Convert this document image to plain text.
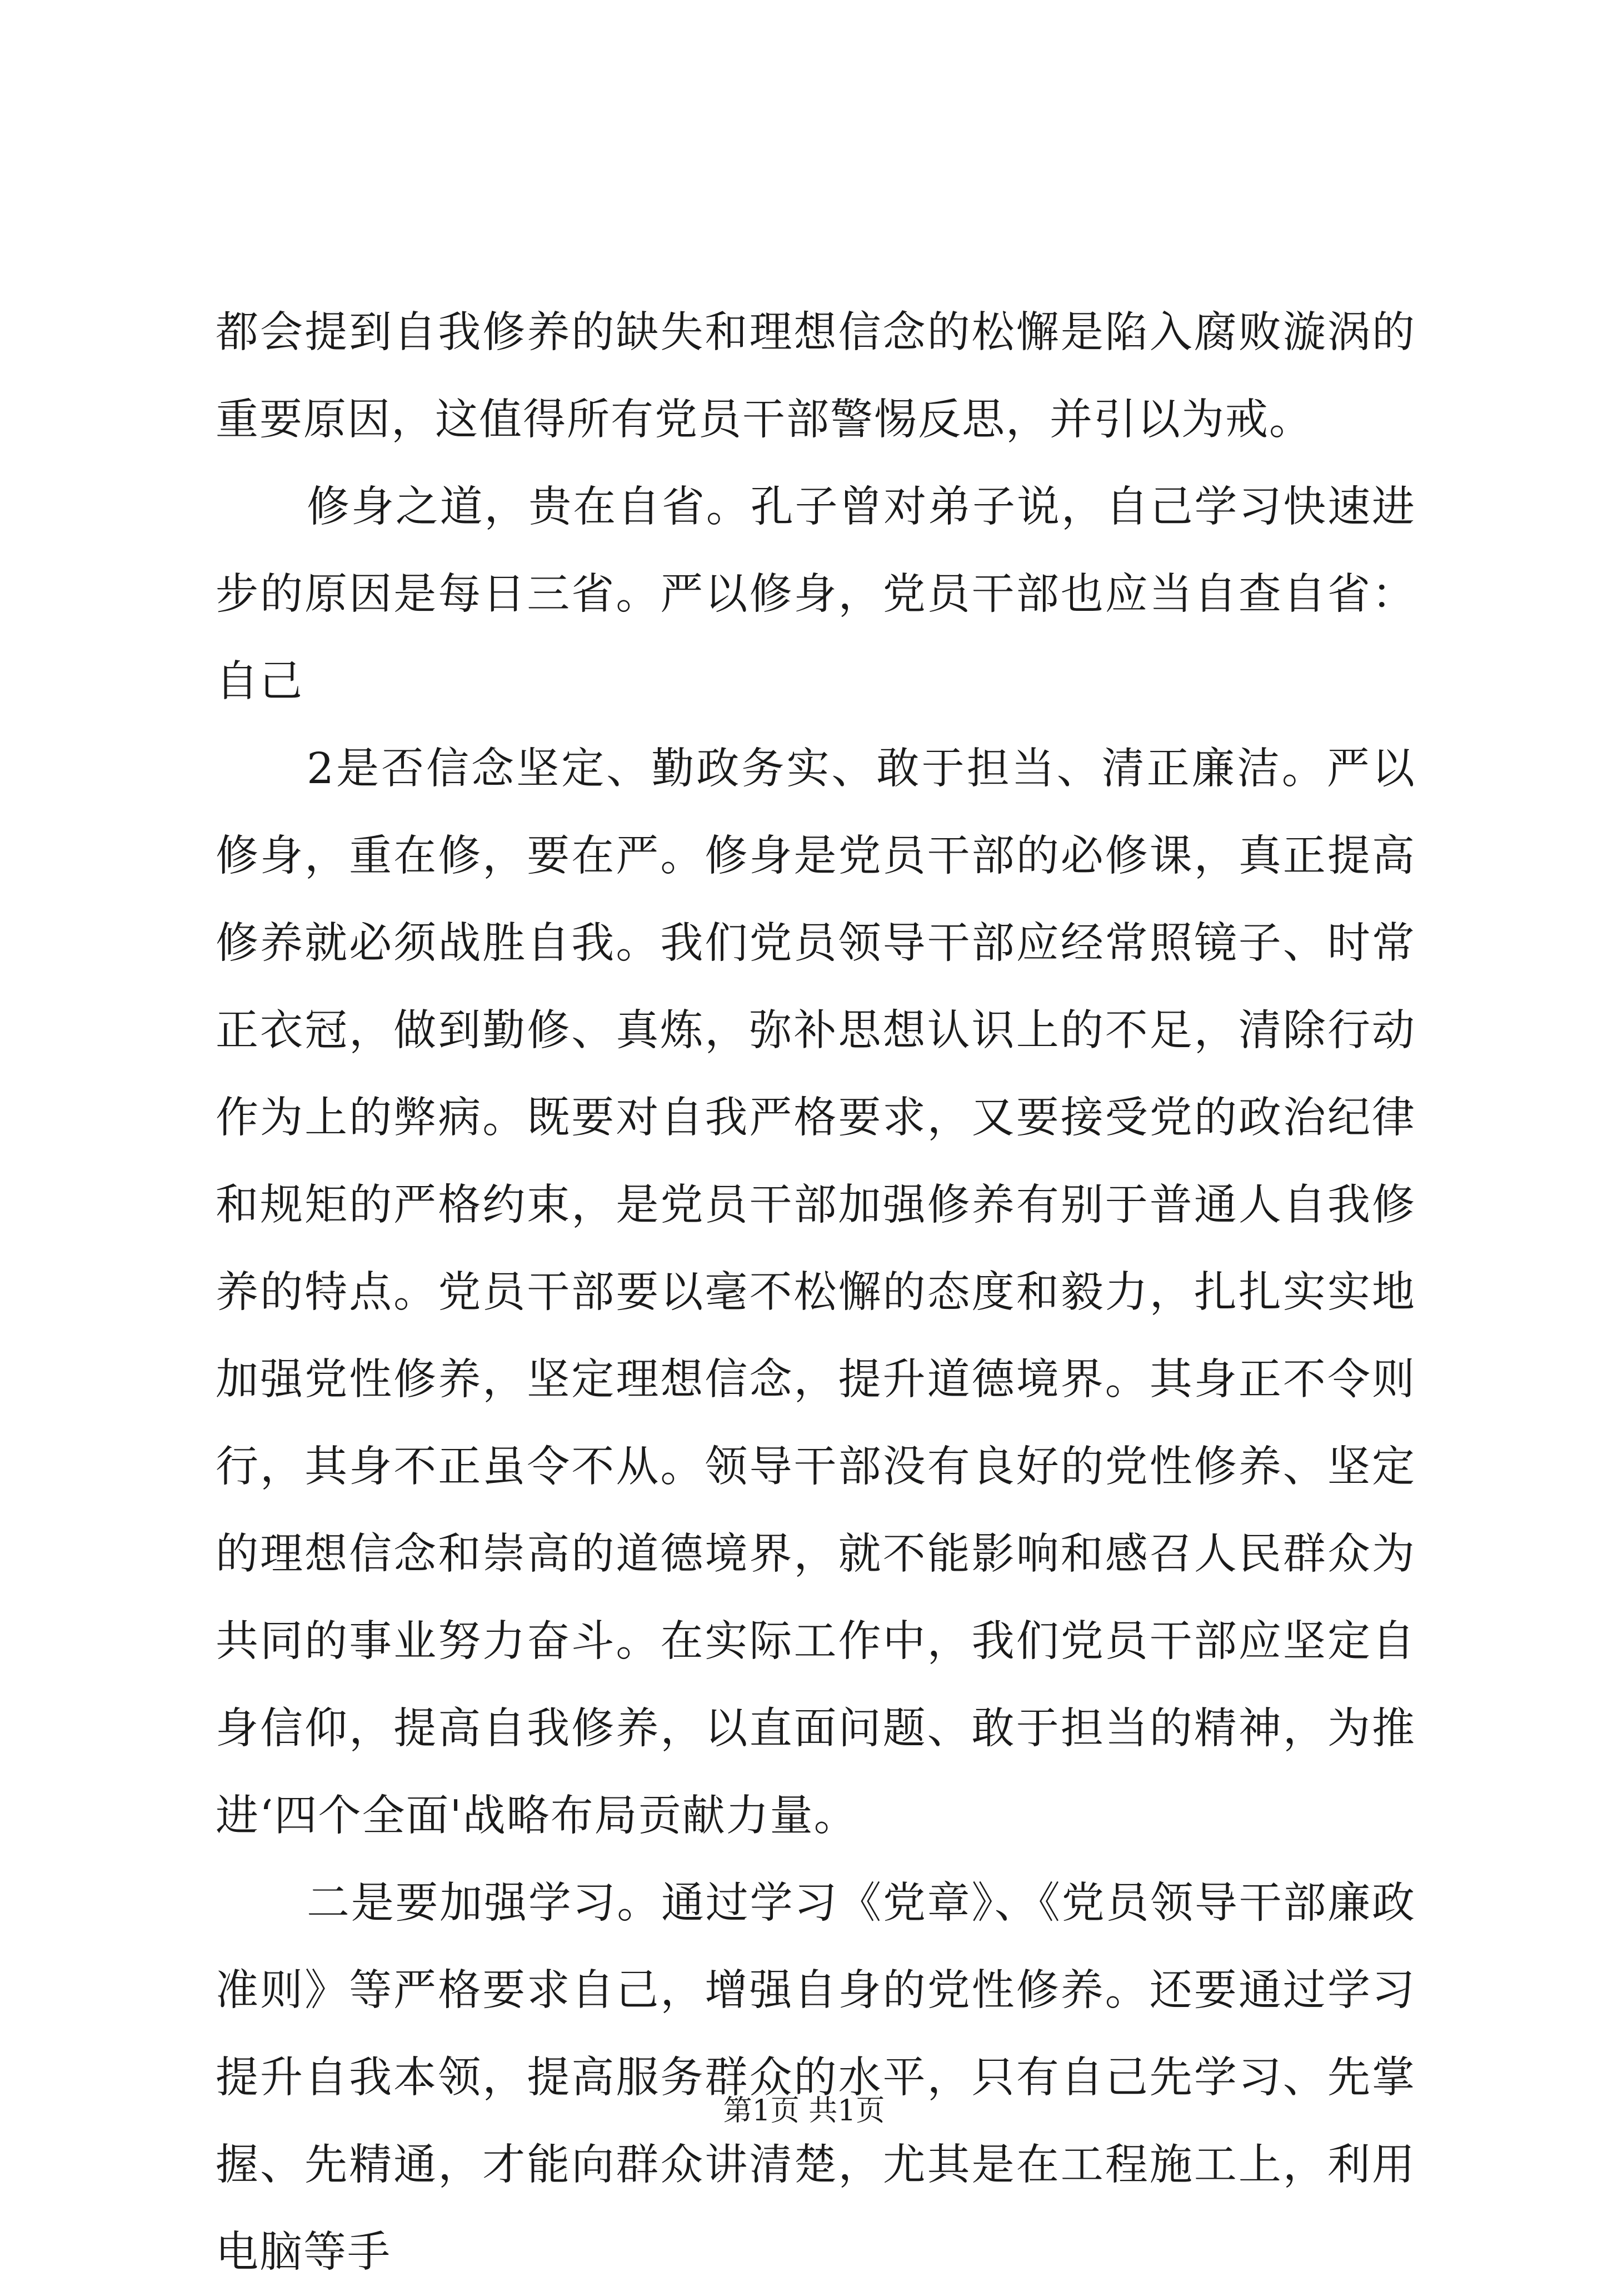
都会提到自我修养的缺失和理想信念的松懈是陷入腐败漩涡的重要原因，这值得所有党员干部警惕反思，并引以为戒。

修身之道，贵在自省。孔子曾对弟子说，自己学习快速进步的原因是每日三省。严以修身，党员干部也应当自查自省：自己

2是否信念坚定、勤政务实、敢于担当、清正廉洁。严以修身，重在修，要在严。修身是党员干部的必修课，真正提高修养就必须战胜自我。我们党员领导干部应经常照镜子、时常正衣冠，做到勤修、真炼，弥补思想认识上的不足，清除行动作为上的弊病。既要对自我严格要求，又要接受党的政治纪律和规矩的严格约束，是党员干部加强修养有别于普通人自我修养的特点。党员干部要以毫不松懈的态度和毅力，扎扎实实地加强党性修养，坚定理想信念，提升道德境界。其身正不令则行，其身不正虽令不从。领导干部没有良好的党性修养、坚定的理想信念和崇高的道德境界，就不能影响和感召人民群众为共同的事业努力奋斗。在实际工作中，我们党员干部应坚定自身信仰，提高自我修养，以直面问题、敢于担当的精神，为推进‘四个全面'战略布局贡献力量。

二是要加强学习。通过学习《党章》、《党员领导干部廉政准则》等严格要求自己，增强自身的党性修养。还要通过学习提升自我本领，提高服务群众的水平，只有自己先学习、先掌握、先精通，才能向群众讲清楚，尤其是在工程施工上，利用电脑等手

第1页 共1页
